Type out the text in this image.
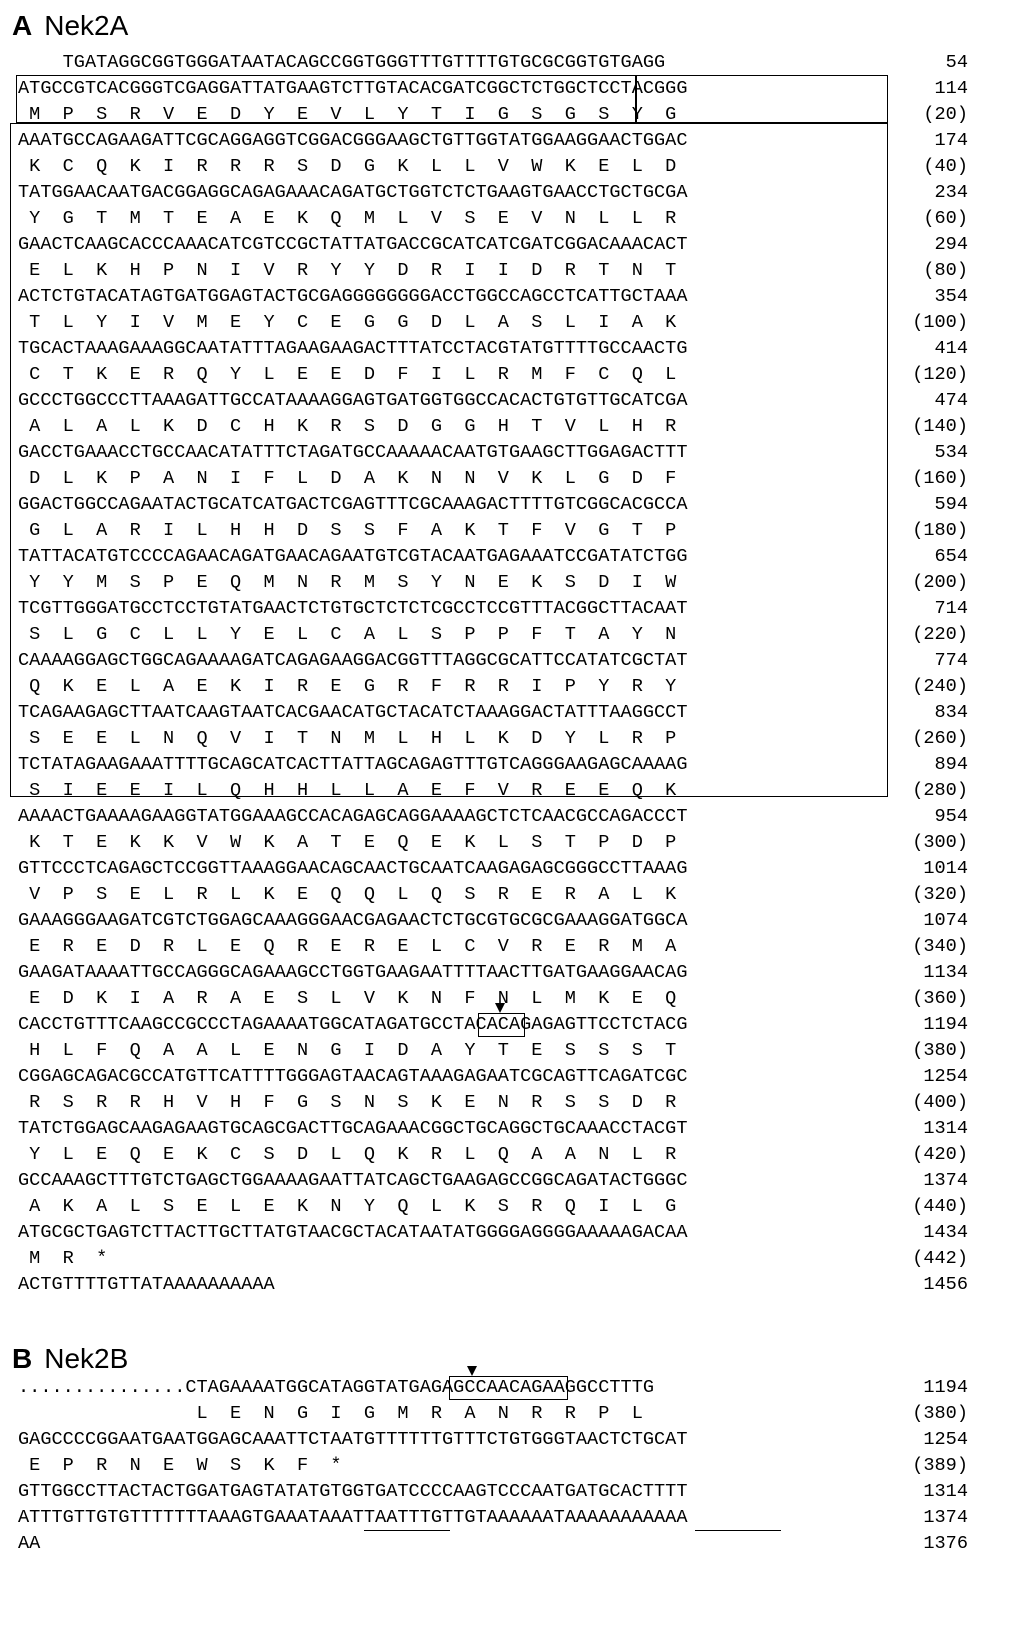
A Nek2A
TGATAGGCGGTGGGATAATACAGCCGGTGGGTTTGTTTTGTGCGCGGTGTGAGG	54
ATGCCGTCACGGGTCGAGGATTATGAAGTCTTGTACACGATCGGCTCTGGCTCCTACGGG	114
M  P  S  R  V  E  D  Y  E  V  L  Y  T  I  G  S  G  S  Y  G	(20)
AAATGCCAGAAGATTCGCAGGAGGTCGGACGGGAAGCTGTTGGTATGGAAGGAACTGGAC	174
K  C  Q  K  I  R  R  R  S  D  G  K  L  L  V  W  K  E  L  D	(40)
TATGGAACAATGACGGAGGCAGAGAAACAGATGCTGGTCTCTGAAGTGAACCTGCTGCGA	234
Y  G  T  M  T  E  A  E  K  Q  M  L  V  S  E  V  N  L  L  R	(60)
GAACTCAAGCACCCAAACATCGTCCGCTATTATGACCGCATCATCGATCGGACAAACACT	294
E  L  K  H  P  N  I  V  R  Y  Y  D  R  I  I  D  R  T  N  T	(80)
ACTCTGTACATAGTGATGGAGTACTGCGAGGGGGGGGACCTGGCCAGCCTCATTGCTAAA	354
T  L  Y  I  V  M  E  Y  C  E  G  G  D  L  A  S  L  I  A  K	(100)
TGCACTAAAGAAAGGCAATATTTAGAAGAAGACTTTATCCTACGTATGTTTTGCCAACTG	414
C  T  K  E  R  Q  Y  L  E  E  D  F  I  L  R  M  F  C  Q  L	(120)
GCCCTGGCCCTTAAAGATTGCCATAAAAGGAGTGATGGTGGCCACACTGTGTTGCATCGA	474
A  L  A  L  K  D  C  H  K  R  S  D  G  G  H  T  V  L  H  R	(140)
GACCTGAAACCTGCCAACATATTTCTAGATGCCAAAAACAATGTGAAGCTTGGAGACTTT	534
D  L  K  P  A  N  I  F  L  D  A  K  N  N  V  K  L  G  D  F	(160)
GGACTGGCCAGAATACTGCATCATGACTCGAGTTTCGCAAAGACTTTTGTCGGCACGCCA	594
G  L  A  R  I  L  H  H  D  S  S  F  A  K  T  F  V  G  T  P	(180)
TATTACATGTCCCCAGAACAGATGAACAGAATGTCGTACAATGAGAAATCCGATATCTGG	654
Y  Y  M  S  P  E  Q  M  N  R  M  S  Y  N  E  K  S  D  I  W	(200)
TCGTTGGGATGCCTCCTGTATGAACTCTGTGCTCTCTCGCCTCCGTTTACGGCTTACAAT	714
S  L  G  C  L  L  Y  E  L  C  A  L  S  P  P  F  T  A  Y  N	(220)
CAAAAGGAGCTGGCAGAAAAGATCAGAGAAGGACGGTTTAGGCGCATTCCATATCGCTAT	774
Q  K  E  L  A  E  K  I  R  E  G  R  F  R  R  I  P  Y  R  Y	(240)
TCAGAAGAGCTTAATCAAGTAATCACGAACATGCTACATCTAAAGGACTATTTAAGGCCT	834
S  E  E  L  N  Q  V  I  T  N  M  L  H  L  K  D  Y  L  R  P	(260)
TCTATAGAAGAAATTTTGCAGCATCACTTATTAGCAGAGTTTGTCAGGGAAGAGCAAAAG	894
S  I  E  E  I  L  Q  H  H  L  L  A  E  F  V  R  E  E  Q  K	(280)
AAAACTGAAAAGAAGGTATGGAAAGCCACAGAGCAGGAAAAGCTCTCAACGCCAGACCCT	954
K  T  E  K  K  V  W  K  A  T  E  Q  E  K  L  S  T  P  D  P	(300)
GTTCCCTCAGAGCTCCGGTTAAAGGAACAGCAACTGCAATCAAGAGAGCGGGCCTTAAAG	1014
V  P  S  E  L  R  L  K  E  Q  Q  L  Q  S  R  E  R  A  L  K	(320)
GAAAGGGAAGATCGTCTGGAGCAAAGGGAACGAGAACTCTGCGTGCGCGAAAGGATGGCA	1074
E  R  E  D  R  L  E  Q  R  E  R  E  L  C  V  R  E  R  M  A	(340)
GAAGATAAAATTGCCAGGGCAGAAAGCCTGGTGAAGAATTTTAACTTGATGAAGGAACAG	1134
E  D  K  I  A  R  A  E  S  L  V  K  N  F  N  L  M  K  E  Q	(360)
CACCTGTTTCAAGCCGCCCTAGAAAATGGCATAGATGCCTACACAGAGAGTTCCTCTACG	1194
H  L  F  Q  A  A  L  E  N  G  I  D  A  Y  T  E  S  S  S  T	(380)
CGGAGCAGACGCCATGTTCATTTTGGGAGTAACAGTAAAGAGAATCGCAGTTCAGATCGC	1254
R  S  R  R  H  V  H  F  G  S  N  S  K  E  N  R  S  S  D  R	(400)
TATCTGGAGCAAGAGAAGTGCAGCGACTTGCAGAAACGGCTGCAGGCTGCAAACCTACGT	1314
Y  L  E  Q  E  K  C  S  D  L  Q  K  R  L  Q  A  A  N  L  R	(420)
GCCAAAGCTTTGTCTGAGCTGGAAAAGAATTATCAGCTGAAGAGCCGGCAGATACTGGGC	1374
A  K  A  L  S  E  L  E  K  N  Y  Q  L  K  S  R  Q  I  L  G	(440)
ATGCGCTGAGTCTTACTTGCTTATGTAACGCTACATAATATGGGGAGGGGAAAAAGACAA	1434
M  R  *	(442)
ACTGTTTTGTTATAAAAAAAAAA	1456
B Nek2B
...............CTAGAAAATGGCATAGGTATGAGAGCCAACAGAAGGCCTTTG	1194
L  E  N  G  I  G  M  R  A  N  R  R  P  L	(380)
GAGCCCCGGAATGAATGGAGCAAATTCTAATGTTTTTTGTTTCTGTGGGTAACTCTGCAT	1254
E  P  R  N  E  W  S  K  F  *	(389)
GTTGGCCTTACTACTGGATGAGTATATGTGGTGATCCCCAAGTCCCAATGATGCACTTTT	1314
ATTTGTTGTGTTTTTTTAAAGTGAAATAAATTAATTTGTTGTAAAAAATAAAAAAAAAAA	1374
AA	1376
